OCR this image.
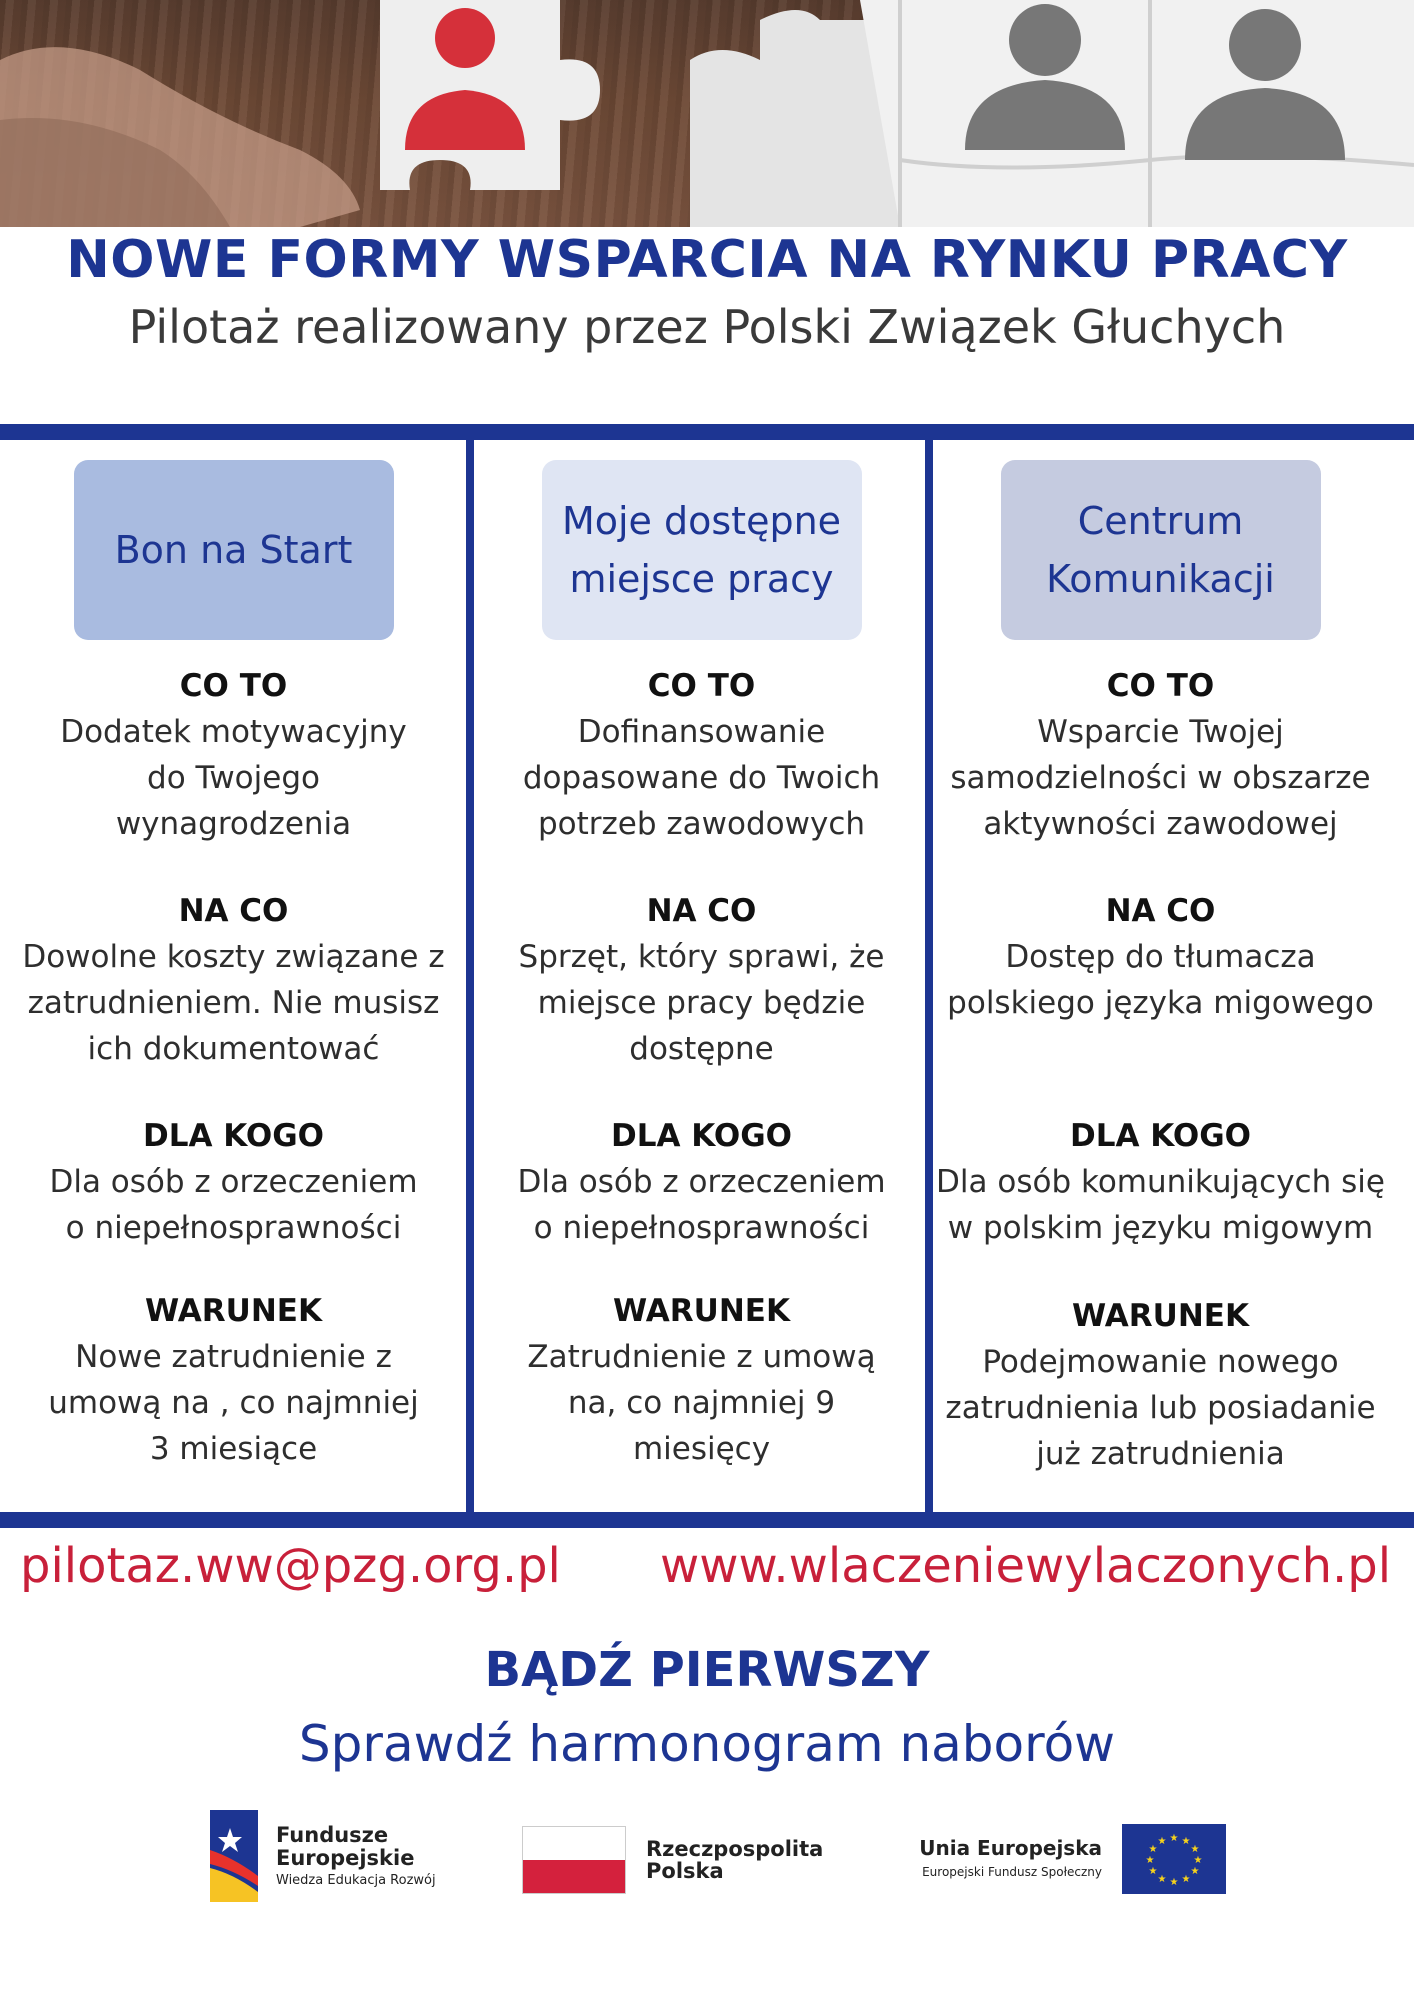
NOWE FORMY WSPARCIA NA RYNKU PRACY
Pilotaż realizowany przez Polski Związek Głuchych
Bon na Start
CO TO
Dodatek motywacyjny
do Twojego
wynagrodzenia
NA CO
Dowolne koszty związane z
zatrudnieniem. Nie musisz
ich dokumentować
DLA KOGO
Dla osób z orzeczeniem
o niepełnosprawności
WARUNEK
Nowe zatrudnienie z
umową na , co najmniej
3 miesiące
Moje dostępne
miejsce pracy
CO TO
Dofinansowanie
dopasowane do Twoich
potrzeb zawodowych
NA CO
Sprzęt, który sprawi, że
miejsce pracy będzie
dostępne
DLA KOGO
Dla osób z orzeczeniem
o niepełnosprawności
WARUNEK
Zatrudnienie z umową
na, co najmniej 9
miesięcy
Centrum
Komunikacji
CO TO
Wsparcie Twojej
samodzielności w obszarze
aktywności zawodowej
NA CO
Dostęp do tłumacza
polskiego języka migowego
DLA KOGO
Dla osób komunikujących się
w polskim języku migowym
WARUNEK
Podejmowanie nowego
zatrudnienia lub posiadanie
już zatrudnienia
pilotaz.ww@pzg.org.pl www.wlaczeniewylaczonych.pl
BĄDŹ PIERWSZY
Sprawdź harmonogram naborów
Fundusze
Europejskie
Wiedza Edukacja Rozwój
Rzeczpospolita
Polska
Unia Europejska
Europejski Fundusz Społeczny
★ ★
★
★
★
★
★
★
★
★
★
★
